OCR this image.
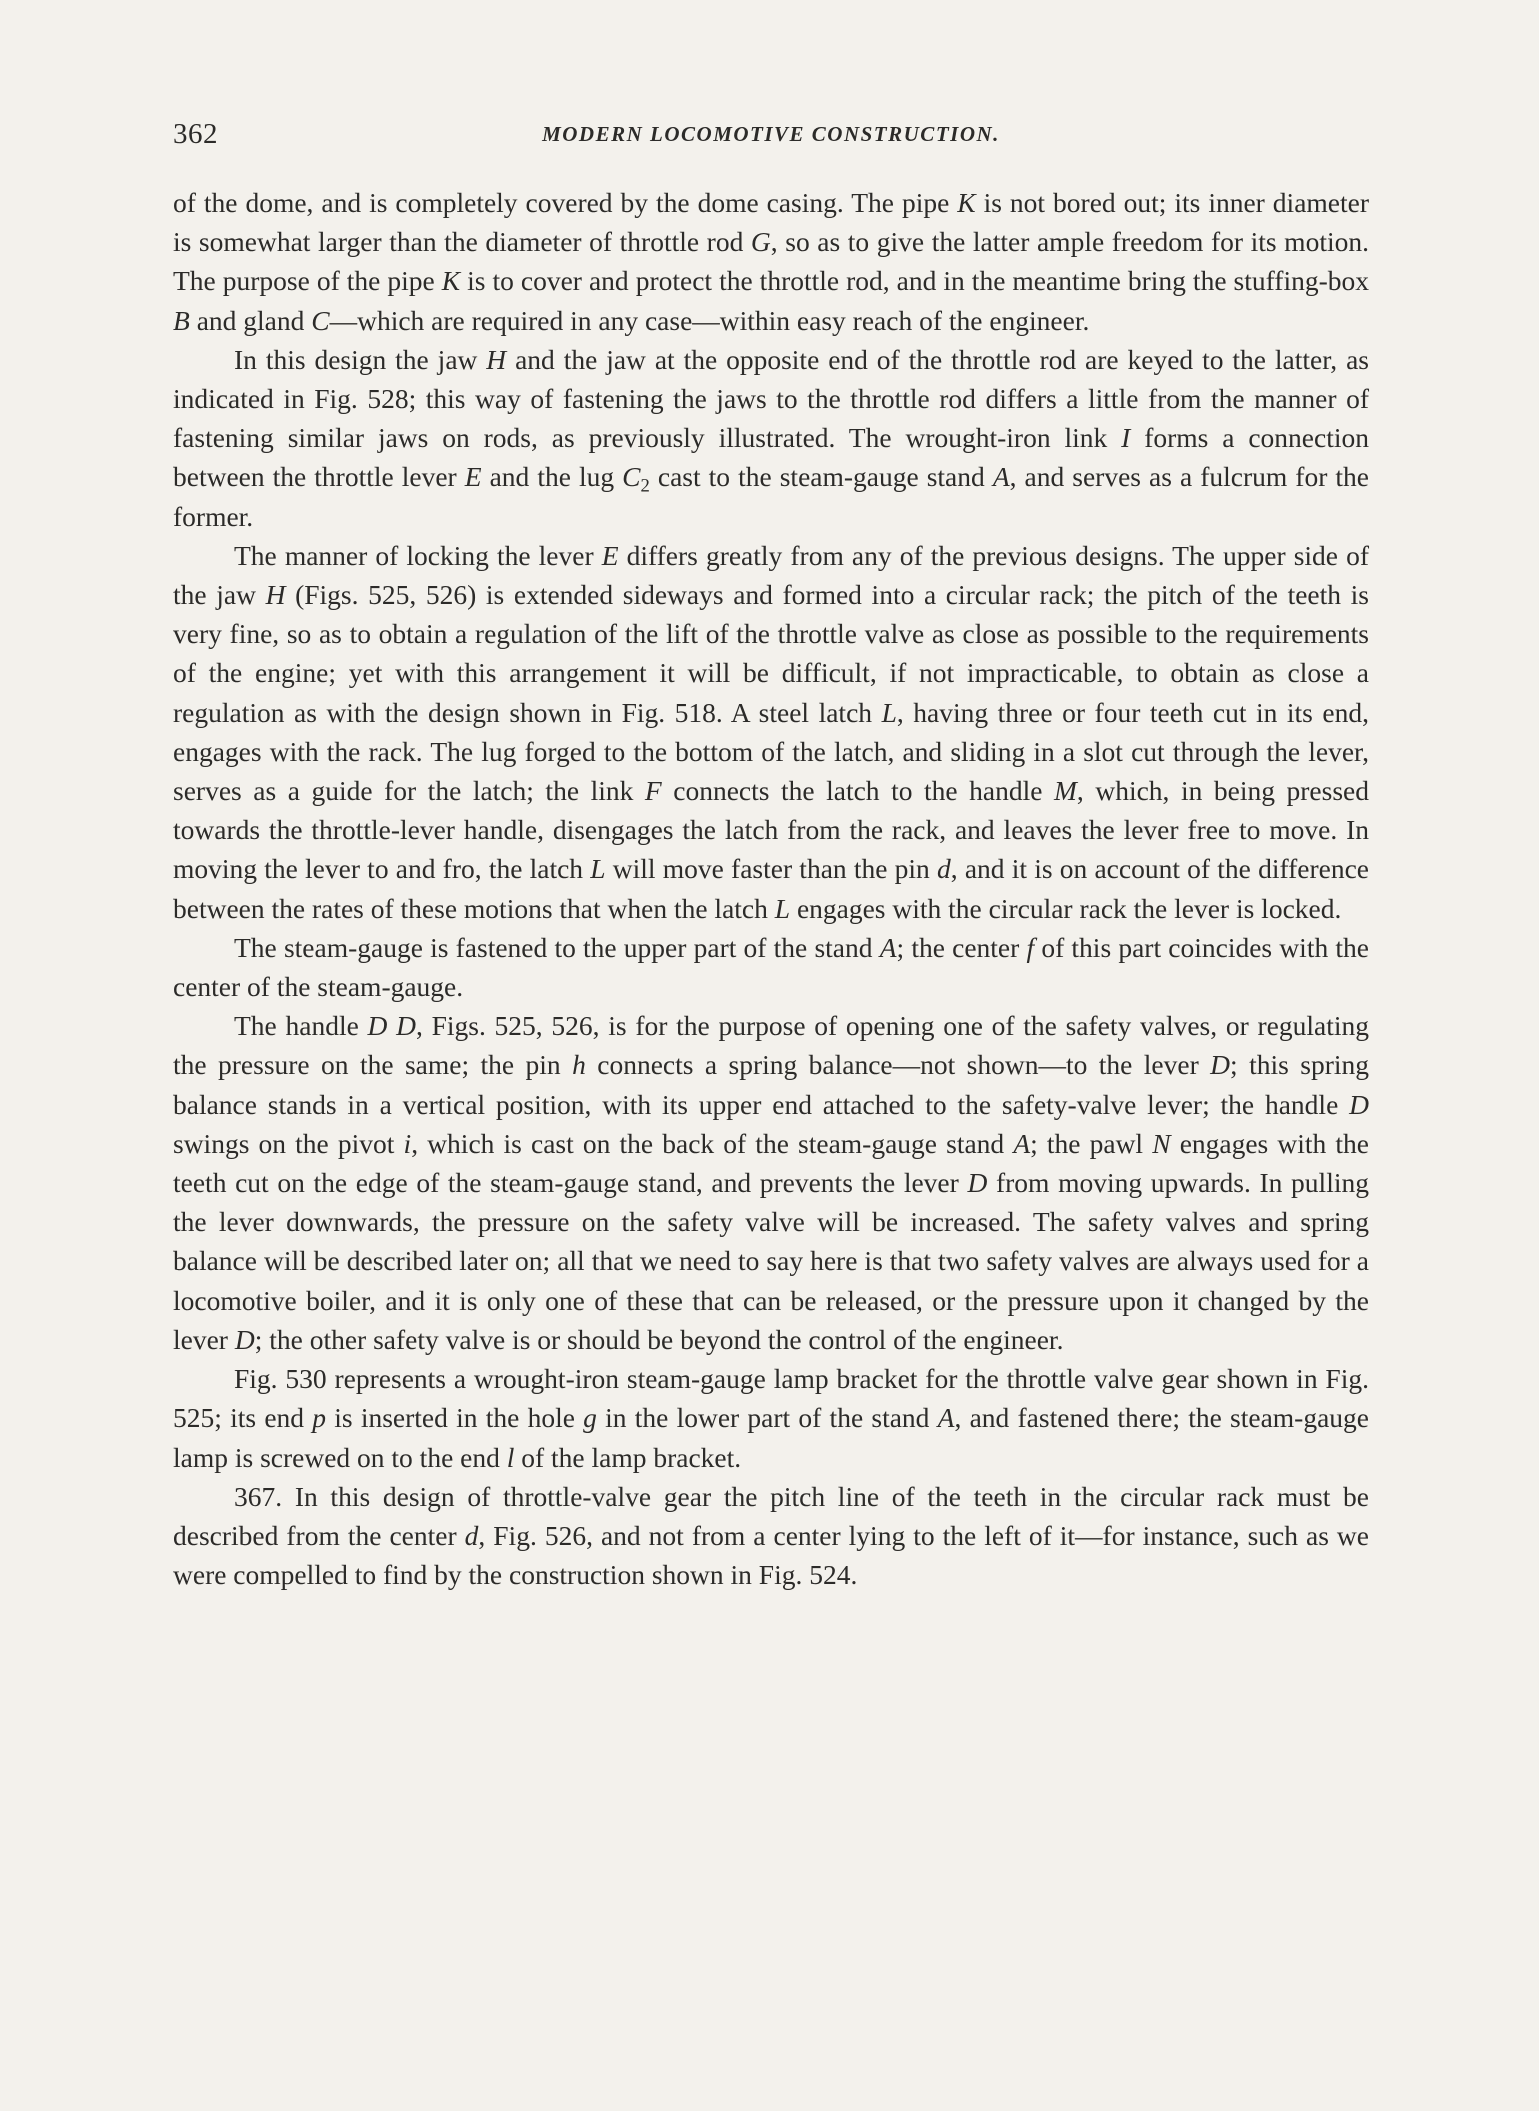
362	MODERN LOCOMOTIVE CONSTRUCTION.

of the dome, and is completely covered by the dome casing. The pipe K is not bored out; its inner diameter is somewhat larger than the diameter of throttle rod G, so as to give the latter ample freedom for its motion. The purpose of the pipe K is to cover and protect the throttle rod, and in the meantime bring the stuffing-box B and gland C—which are required in any case—within easy reach of the engineer.

In this design the jaw H and the jaw at the opposite end of the throttle rod are keyed to the latter, as indicated in Fig. 528; this way of fastening the jaws to the throttle rod differs a little from the manner of fastening similar jaws on rods, as previously illustrated. The wrought-iron link I forms a connection between the throttle lever E and the lug $C_2$ cast to the steam-gauge stand A, and serves as a fulcrum for the former.

The manner of locking the lever E differs greatly from any of the previous designs. The upper side of the jaw H (Figs. 525, 526) is extended sideways and formed into a circular rack; the pitch of the teeth is very fine, so as to obtain a regulation of the lift of the throttle valve as close as possible to the requirements of the engine; yet with this arrangement it will be difficult, if not impracticable, to obtain as close a regulation as with the design shown in Fig. 518. A steel latch L, having three or four teeth cut in its end, engages with the rack. The lug forged to the bottom of the latch, and sliding in a slot cut through the lever, serves as a guide for the latch; the link F connects the latch to the handle M, which, in being pressed towards the throttle-lever handle, disengages the latch from the rack, and leaves the lever free to move. In moving the lever to and fro, the latch L will move faster than the pin d, and it is on account of the difference between the rates of these motions that when the latch L engages with the circular rack the lever is locked.

The steam-gauge is fastened to the upper part of the stand A; the center f of this part coincides with the center of the steam-gauge.

The handle D D, Figs. 525, 526, is for the purpose of opening one of the safety valves, or regulating the pressure on the same; the pin h connects a spring balance—not shown—to the lever D; this spring balance stands in a vertical position, with its upper end attached to the safety-valve lever; the handle D swings on the pivot i, which is cast on the back of the steam-gauge stand A; the pawl N engages with the teeth cut on the edge of the steam-gauge stand, and prevents the lever D from moving upwards. In pulling the lever downwards, the pressure on the safety valve will be increased. The safety valves and spring balance will be described later on; all that we need to say here is that two safety valves are always used for a locomotive boiler, and it is only one of these that can be released, or the pressure upon it changed by the lever D; the other safety valve is or should be beyond the control of the engineer.

Fig. 530 represents a wrought-iron steam-gauge lamp bracket for the throttle valve gear shown in Fig. 525; its end p is inserted in the hole g in the lower part of the stand A, and fastened there; the steam-gauge lamp is screwed on to the end l of the lamp bracket.

367. In this design of throttle-valve gear the pitch line of the teeth in the circular rack must be described from the center d, Fig. 526, and not from a center lying to the left of it—for instance, such as we were compelled to find by the construction shown in Fig. 524.
